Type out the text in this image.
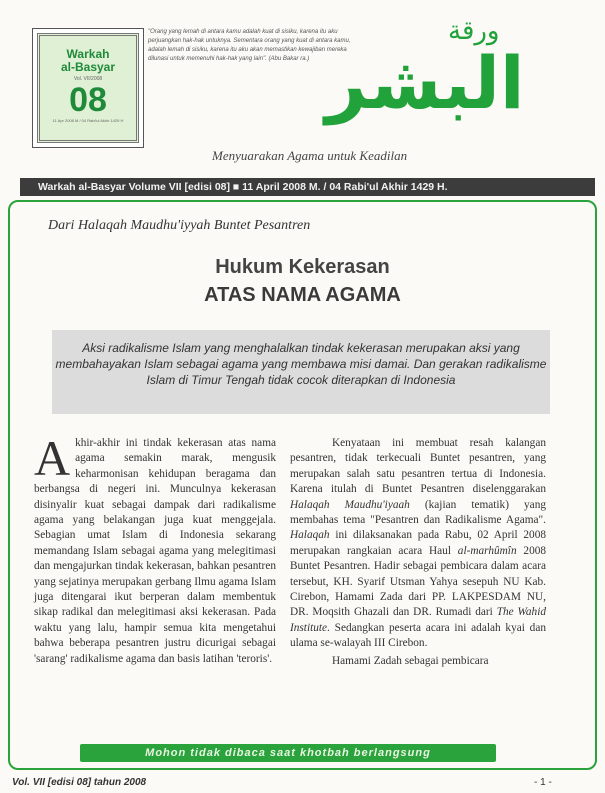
Warkah
al-Basyar
Vol. VII/2008
08
11 Apr 2008 M / 04 Rabi'ul Akhir 1429 H
"Orang yang lemah di antara kamu adalah kuat di sisiku, karena itu aku perjuangkan hak-hak untuknya. Sementara orang yang kuat di antara kamu, adalah lemah di sisiku, karena itu aku akan memastikan kewajiban mereka dilunasi untuk memenuhi hak-hak yang lain". (Abu Bakar ra.)
ورقة
البشر
Menyuarakan Agama untuk Keadilan
Warkah al-Basyar Volume VII [edisi 08] ■ 11 April 2008 M. / 04 Rabi'ul Akhir 1429 H.
Dari Halaqah Maudhu'iyyah Buntet Pesantren
Hukum Kekerasan
ATAS NAMA AGAMA
Aksi radikalisme Islam yang menghalalkan tindak kekerasan merupakan aksi yang membahayakan Islam sebagai agama yang membawa misi damai. Dan gerakan radikalisme Islam di Timur Tengah tidak cocok diterapkan di Indonesia

Akhir-akhir ini tindak kekerasan atas nama agama semakin marak, mengusik keharmonisan kehidupan beragama dan berbangsa di negeri ini. Munculnya kekerasan disinyalir kuat sebagai dampak dari radikalisme agama yang belakangan juga kuat menggejala. Sebagian umat Islam di Indonesia sekarang memandang Islam sebagai agama yang melegitimasi dan mengajurkan tindak kekerasan, bahkan pesantren yang sejatinya merupakan gerbang Ilmu agama Islam juga ditengarai ikut berperan dalam membentuk sikap radikal dan melegitimasi aksi kekerasan. Pada waktu yang lalu, hampir semua kita mengetahui bahwa beberapa pesantren justru dicurigai sebagai 'sarang' radikalisme agama dan basis latihan 'teroris'.

Kenyataan ini membuat resah kalangan pesantren, tidak terkecuali Buntet pesantren, yang merupakan salah satu pesantren tertua di Indonesia. Karena itulah di Buntet Pesantren diselenggarakan Halaqah Maudhu'iyaah (kajian tematik) yang membahas tema "Pesantren dan Radikalisme Agama". Halaqah ini dilaksanakan pada Rabu, 02 April 2008 merupakan rangkaian acara Haul al-marhûmîn 2008 Buntet Pesantren. Hadir sebagai pembicara dalam acara tersebut, KH. Syarif Utsman Yahya sesepuh NU Kab. Cirebon, Hamami Zada dari PP. LAKPESDAM NU, DR. Moqsith Ghazali dan DR. Rumadi dari The Wahid Institute. Sedangkan peserta acara ini adalah kyai dan ulama se-walayah III Cirebon.

Hamami Zadah sebagai pembicara

Mohon tidak dibaca saat khotbah berlangsung
Vol. VII [edisi 08] tahun 2008	- 1 -
